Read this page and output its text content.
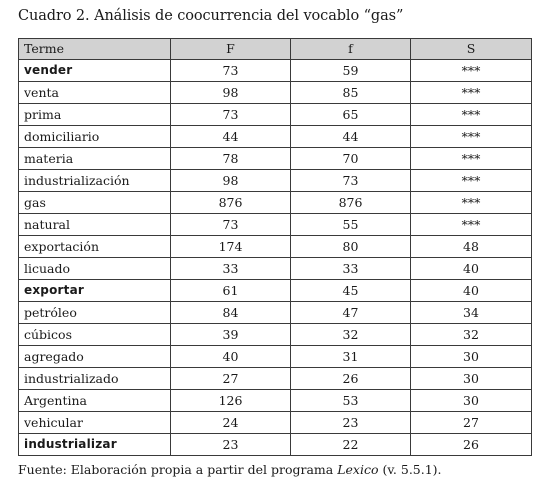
Cuadro 2. Análisis de coocurrencia del vocablo “gas”
Terme	F	f	S
vender	73	59	***
venta	98	85	***
prima	73	65	***
domiciliario	44	44	***
materia	78	70	***
industrialización	98	73	***
gas	876	876	***
natural	73	55	***
exportación	174	80	48
licuado	33	33	40
exportar	61	45	40
petróleo	84	47	34
cúbicos	39	32	32
agregado	40	31	30
industrializado	27	26	30
Argentina	126	53	30
vehicular	24	23	27
industrializar	23	22	26
Fuente: Elaboración propia a partir del programa Lexico (v. 5.5.1).
